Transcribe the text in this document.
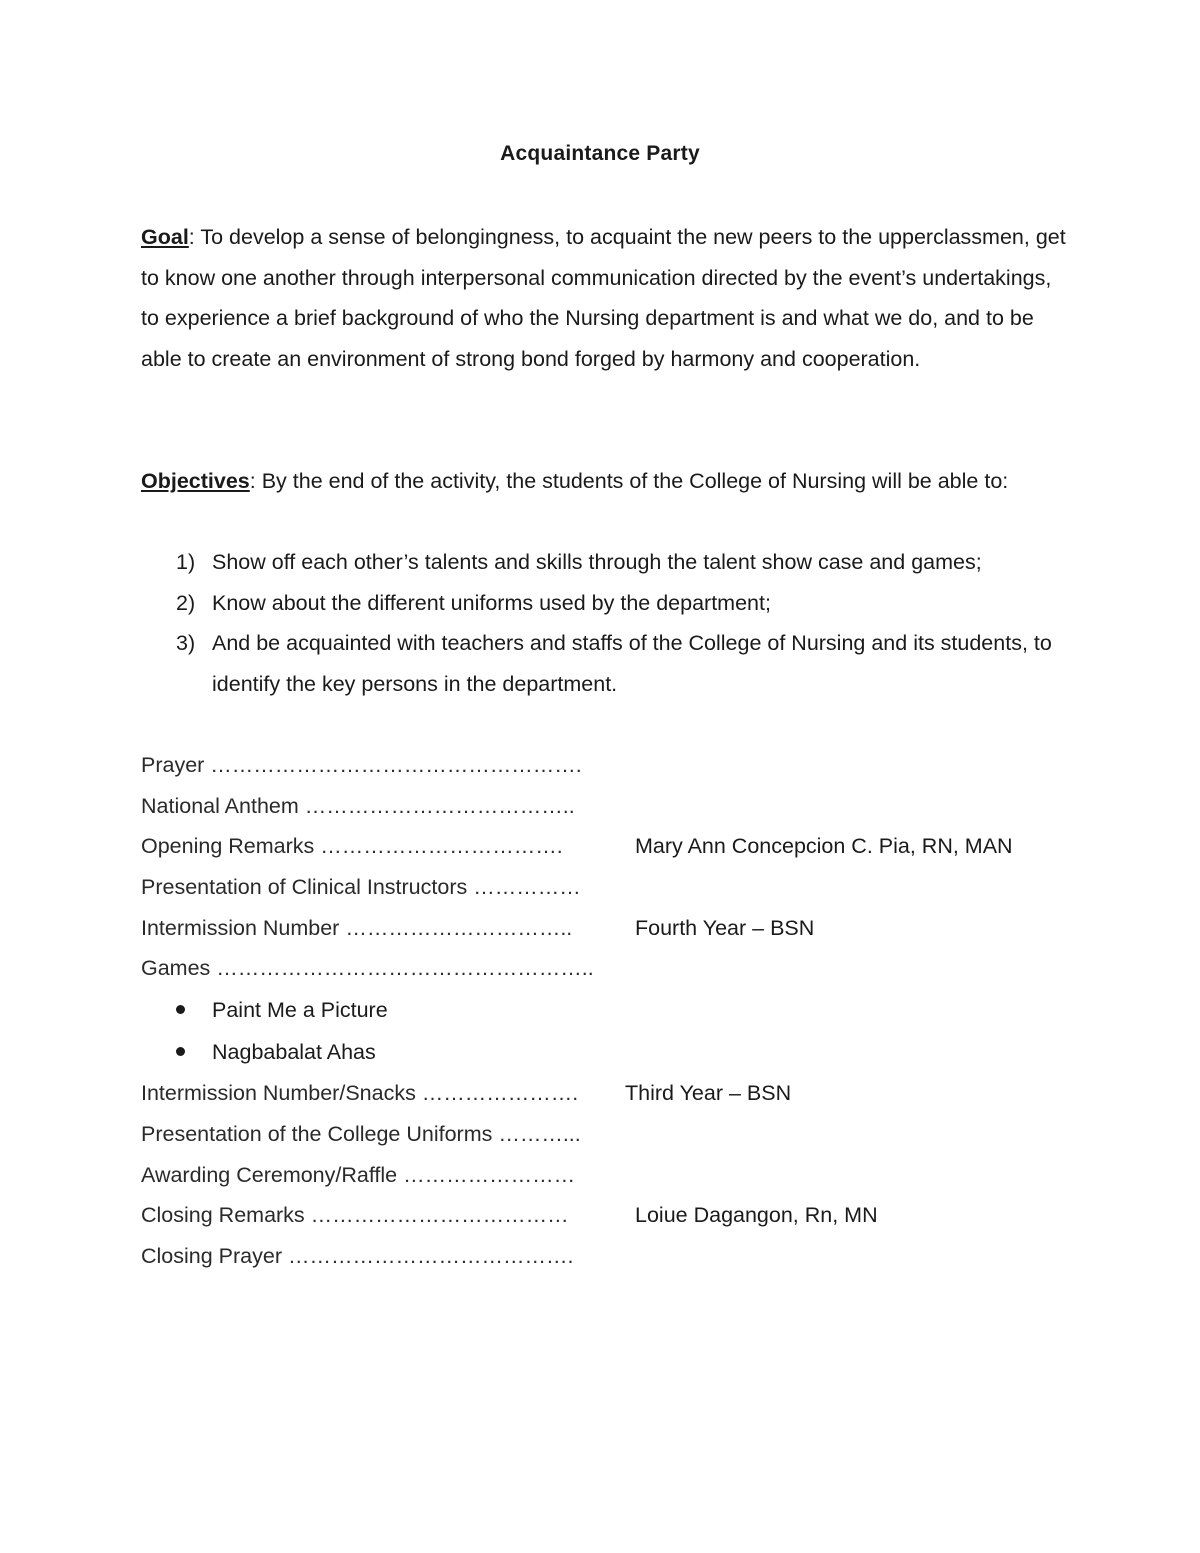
Acquaintance Party
Goal: To develop a sense of belongingness, to acquaint the new peers to the upperclassmen, get to know one another through interpersonal communication directed by the event’s undertakings, to experience a brief background of who the Nursing department is and what we do, and to be able to create an environment of strong bond forged by harmony and cooperation.
Objectives: By the end of the activity, the students of the College of Nursing will be able to:
1) Show off each other’s talents and skills through the talent show case and games;
2) Know about the different uniforms used by the department;
3) And be acquainted with teachers and staffs of the College of Nursing and its students, to identify the key persons in the department.
Prayer …………………………………………….
National Anthem ………………………………..
Opening Remarks …………………………….	Mary Ann Concepcion C. Pia, RN, MAN
Presentation of Clinical Instructors ……………
Intermission Number …………………………..	Fourth Year – BSN
Games ……………………………………………..
Paint Me a Picture
Nagbabalat Ahas
Intermission Number/Snacks …………………. Third Year – BSN
Presentation of the College Uniforms ………...
Awarding Ceremony/Raffle ……………………
Closing Remarks ………………………………	Loiue Dagangon, Rn, MN
Closing Prayer ………………………………….
